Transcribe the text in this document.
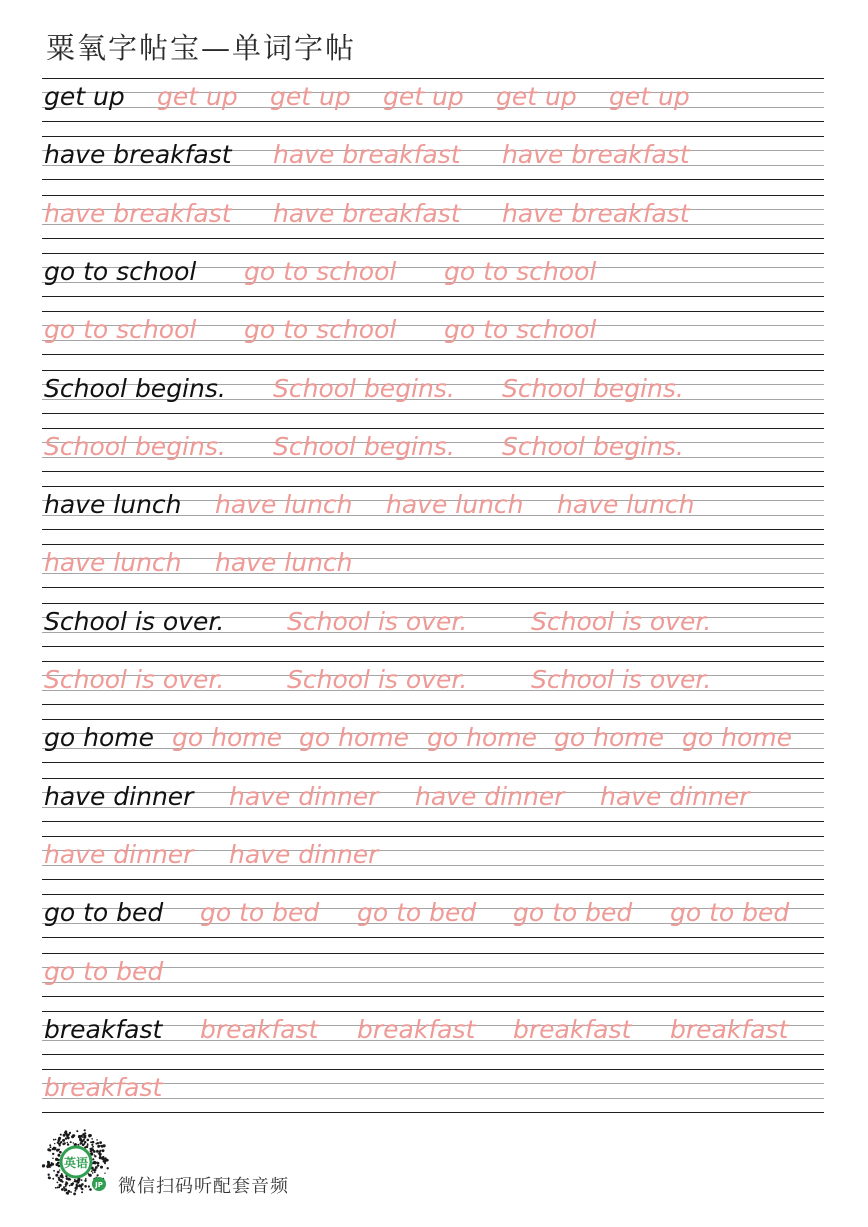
粟氧字帖宝—单词字帖
get up get up get up get up get up get up
have breakfast have breakfast have breakfast
have breakfast have breakfast have breakfast
go to school go to school go to school
go to school go to school go to school
School begins. School begins. School begins.
School begins. School begins. School begins.
have lunch have lunch have lunch have lunch
have lunch have lunch
School is over.	School is over.	School is over.
School is over.	School is over.	School is over.
go home go home go home go home go home go home
have dinner have dinner have dinner have dinner
have dinner have dinner
go to bed go to bed go to bed go to bed go to bed
go to bed
breakfast breakfast breakfast breakfast breakfast
breakfast
英语
JP 微信扫码听配套音频
